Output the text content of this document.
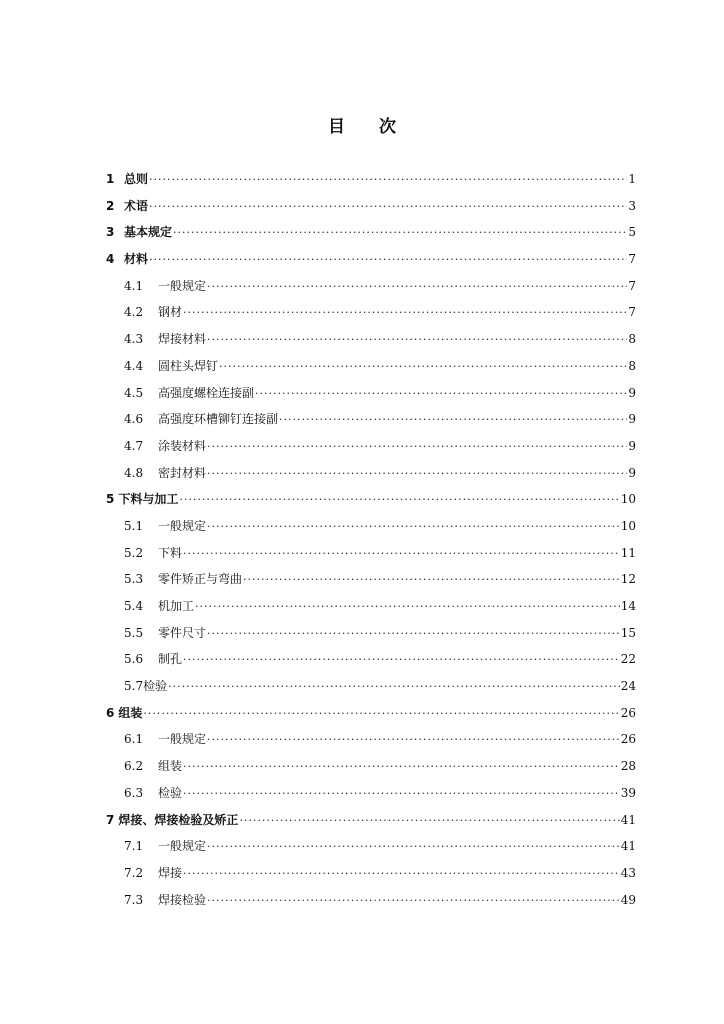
目 次
1 总则 ·····	1
2 术语 ·····	3
3 基本规定 ·····	5
4 材料 ·····	7
4.1	一般规定 ·····	7
4.2	钢材 ·····	7
4.3	焊接材料 ·····	8
4.4	圆柱头焊钉 ·····	8
4.5	高强度螺栓连接副 ·····	9
4.6	高强度环槽铆钉连接副 ·····	9
4.7	涂装材料 ·····	9
4.8	密封材料 ·····	9
5 下料与加工 ·····	10
5.1	一般规定 ·····	10
5.2	下料 ·····	11
5.3	零件矫正与弯曲 ·····	12
5.4	机加工 ·····	14
5.5	零件尺寸 ·····	15
5.6	制孔 ·····	22
5.7 检验 ·····	24
6 组装 ·····	26
6.1	一般规定 ·····	26
6.2	组装 ·····	28
6.3	检验 ·····	39
7 焊接、焊接检验及矫正 ·····	41
7.1	一般规定 ·····	41
7.2	焊接 ·····	43
7.3	焊接检验 ·····	49
